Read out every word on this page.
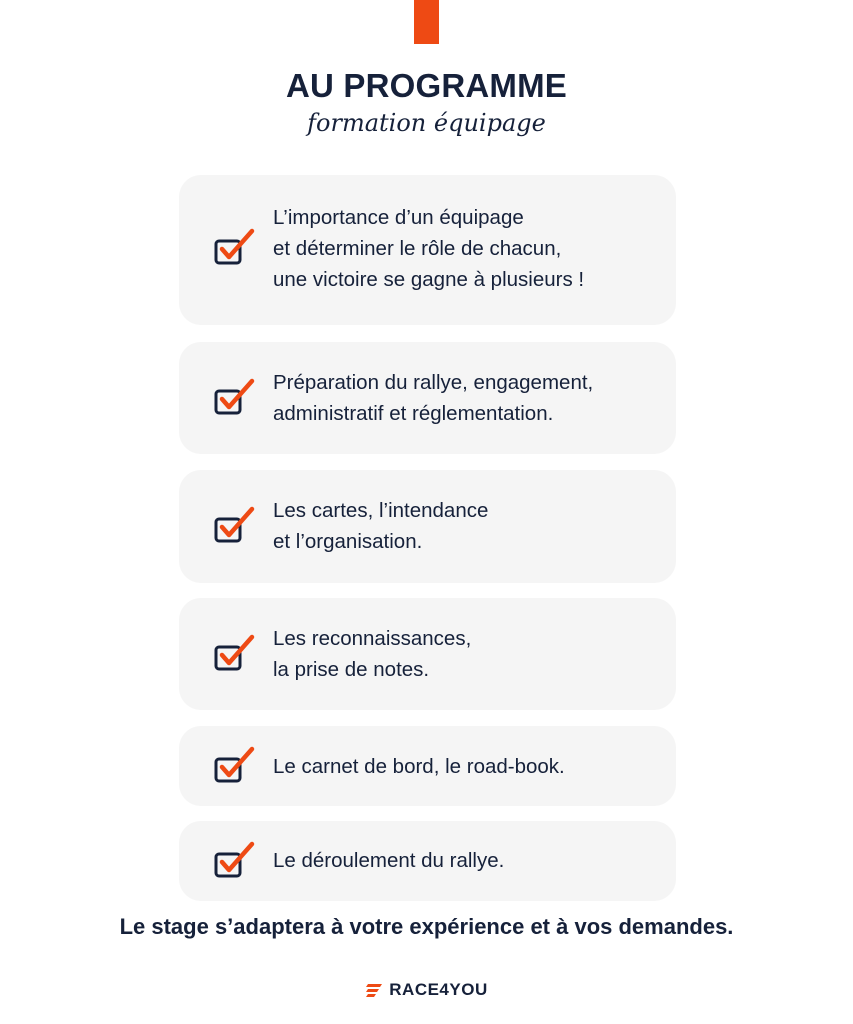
AU PROGRAMME
formation équipage
L’importance d’un équipage
et déterminer le rôle de chacun,
une victoire se gagne à plusieurs !
Préparation du rallye, engagement,
administratif et réglementation.
Les cartes, l’intendance
et l’organisation.
Les reconnaissances,
la prise de notes.
Le carnet de bord, le road-book.
Le déroulement du rallye.
Le stage s’adaptera à votre expérience et à vos demandes.
RACE4YOU
